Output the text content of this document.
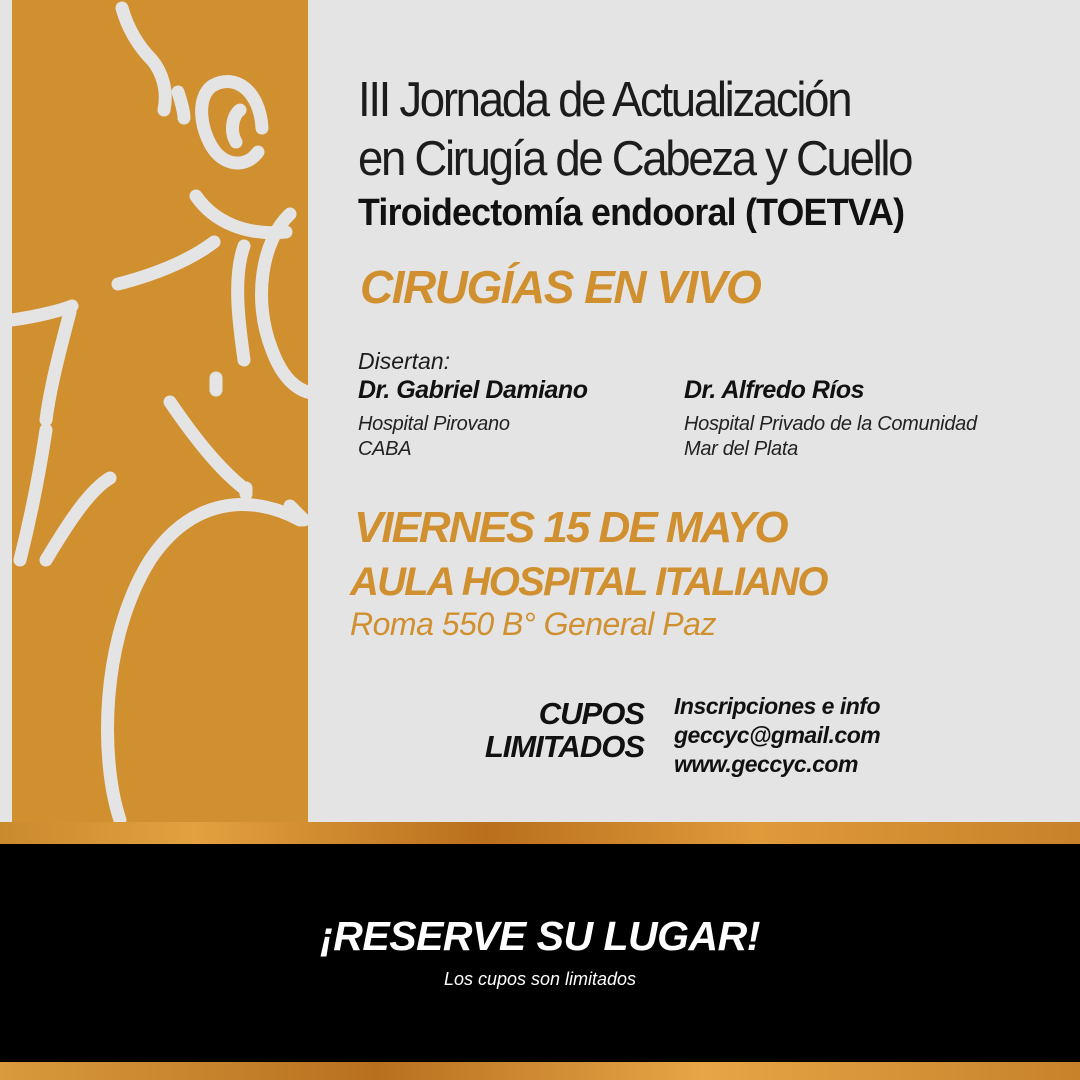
III Jornada de Actualización

en Cirugía de Cabeza y Cuello

Tiroidectomía endooral (TOETVA)

CIRUGÍAS EN VIVO

Disertan:

Dr. Gabriel Damiano

Hospital Pirovano

CABA

Dr. Alfredo Ríos

Hospital Privado de la Comunidad

Mar del Plata

VIERNES 15 DE MAYO

AULA HOSPITAL ITALIANO

Roma 550 B° General Paz

CUPOS
LIMITADOS

Inscripciones e info

geccyc@gmail.com

www.geccyc.com

¡RESERVE SU LUGAR!

Los cupos son limitados
